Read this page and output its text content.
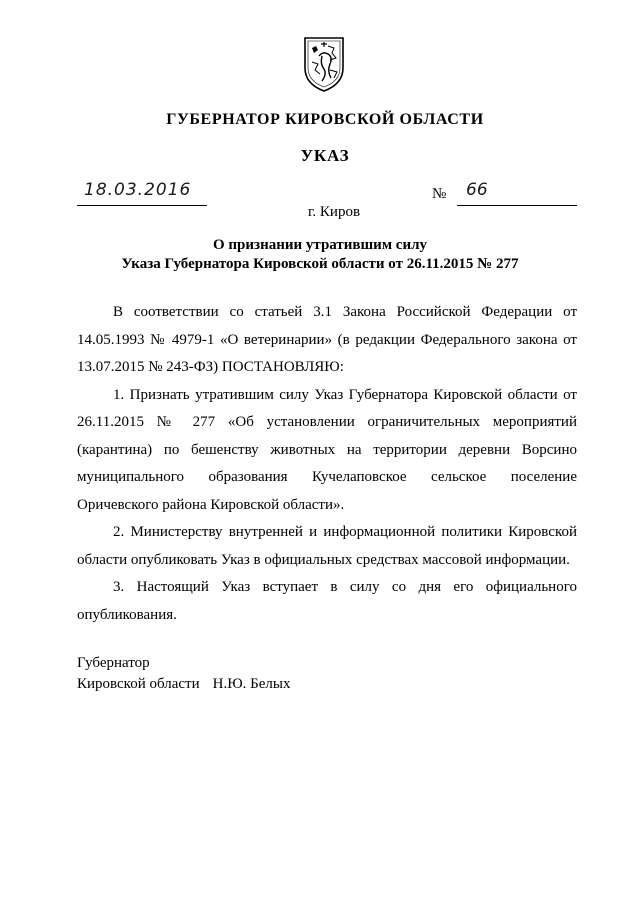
ГУБЕРНАТОР КИРОВСКОЙ ОБЛАСТИ
УКАЗ
18.03.2016	№ 66
г. Киров
О признании утратившим силу
Указа Губернатора Кировской области от 26.11.2015 № 277

В соответствии со статьей 3.1 Закона Российской Федерации от 14.05.1993 № 4979-1 «О ветеринарии» (в редакции Федерального закона от 13.07.2015 № 243-ФЗ) ПОСТАНОВЛЯЮ:

1. Признать утратившим силу Указ Губернатора Кировской области от 26.11.2015 № 277 «Об установлении ограничительных мероприятий (карантина) по бешенству животных на территории деревни Ворсино муниципального образования Кучелаповское сельское поселение Оричевского района Кировской области».

2. Министерству внутренней и информационной политики Кировской области опубликовать Указ в официальных средствах массовой информации.

3. Настоящий Указ вступает в силу со дня его официального опубликования.

Губернатор
Кировской области Н.Ю. Белых
